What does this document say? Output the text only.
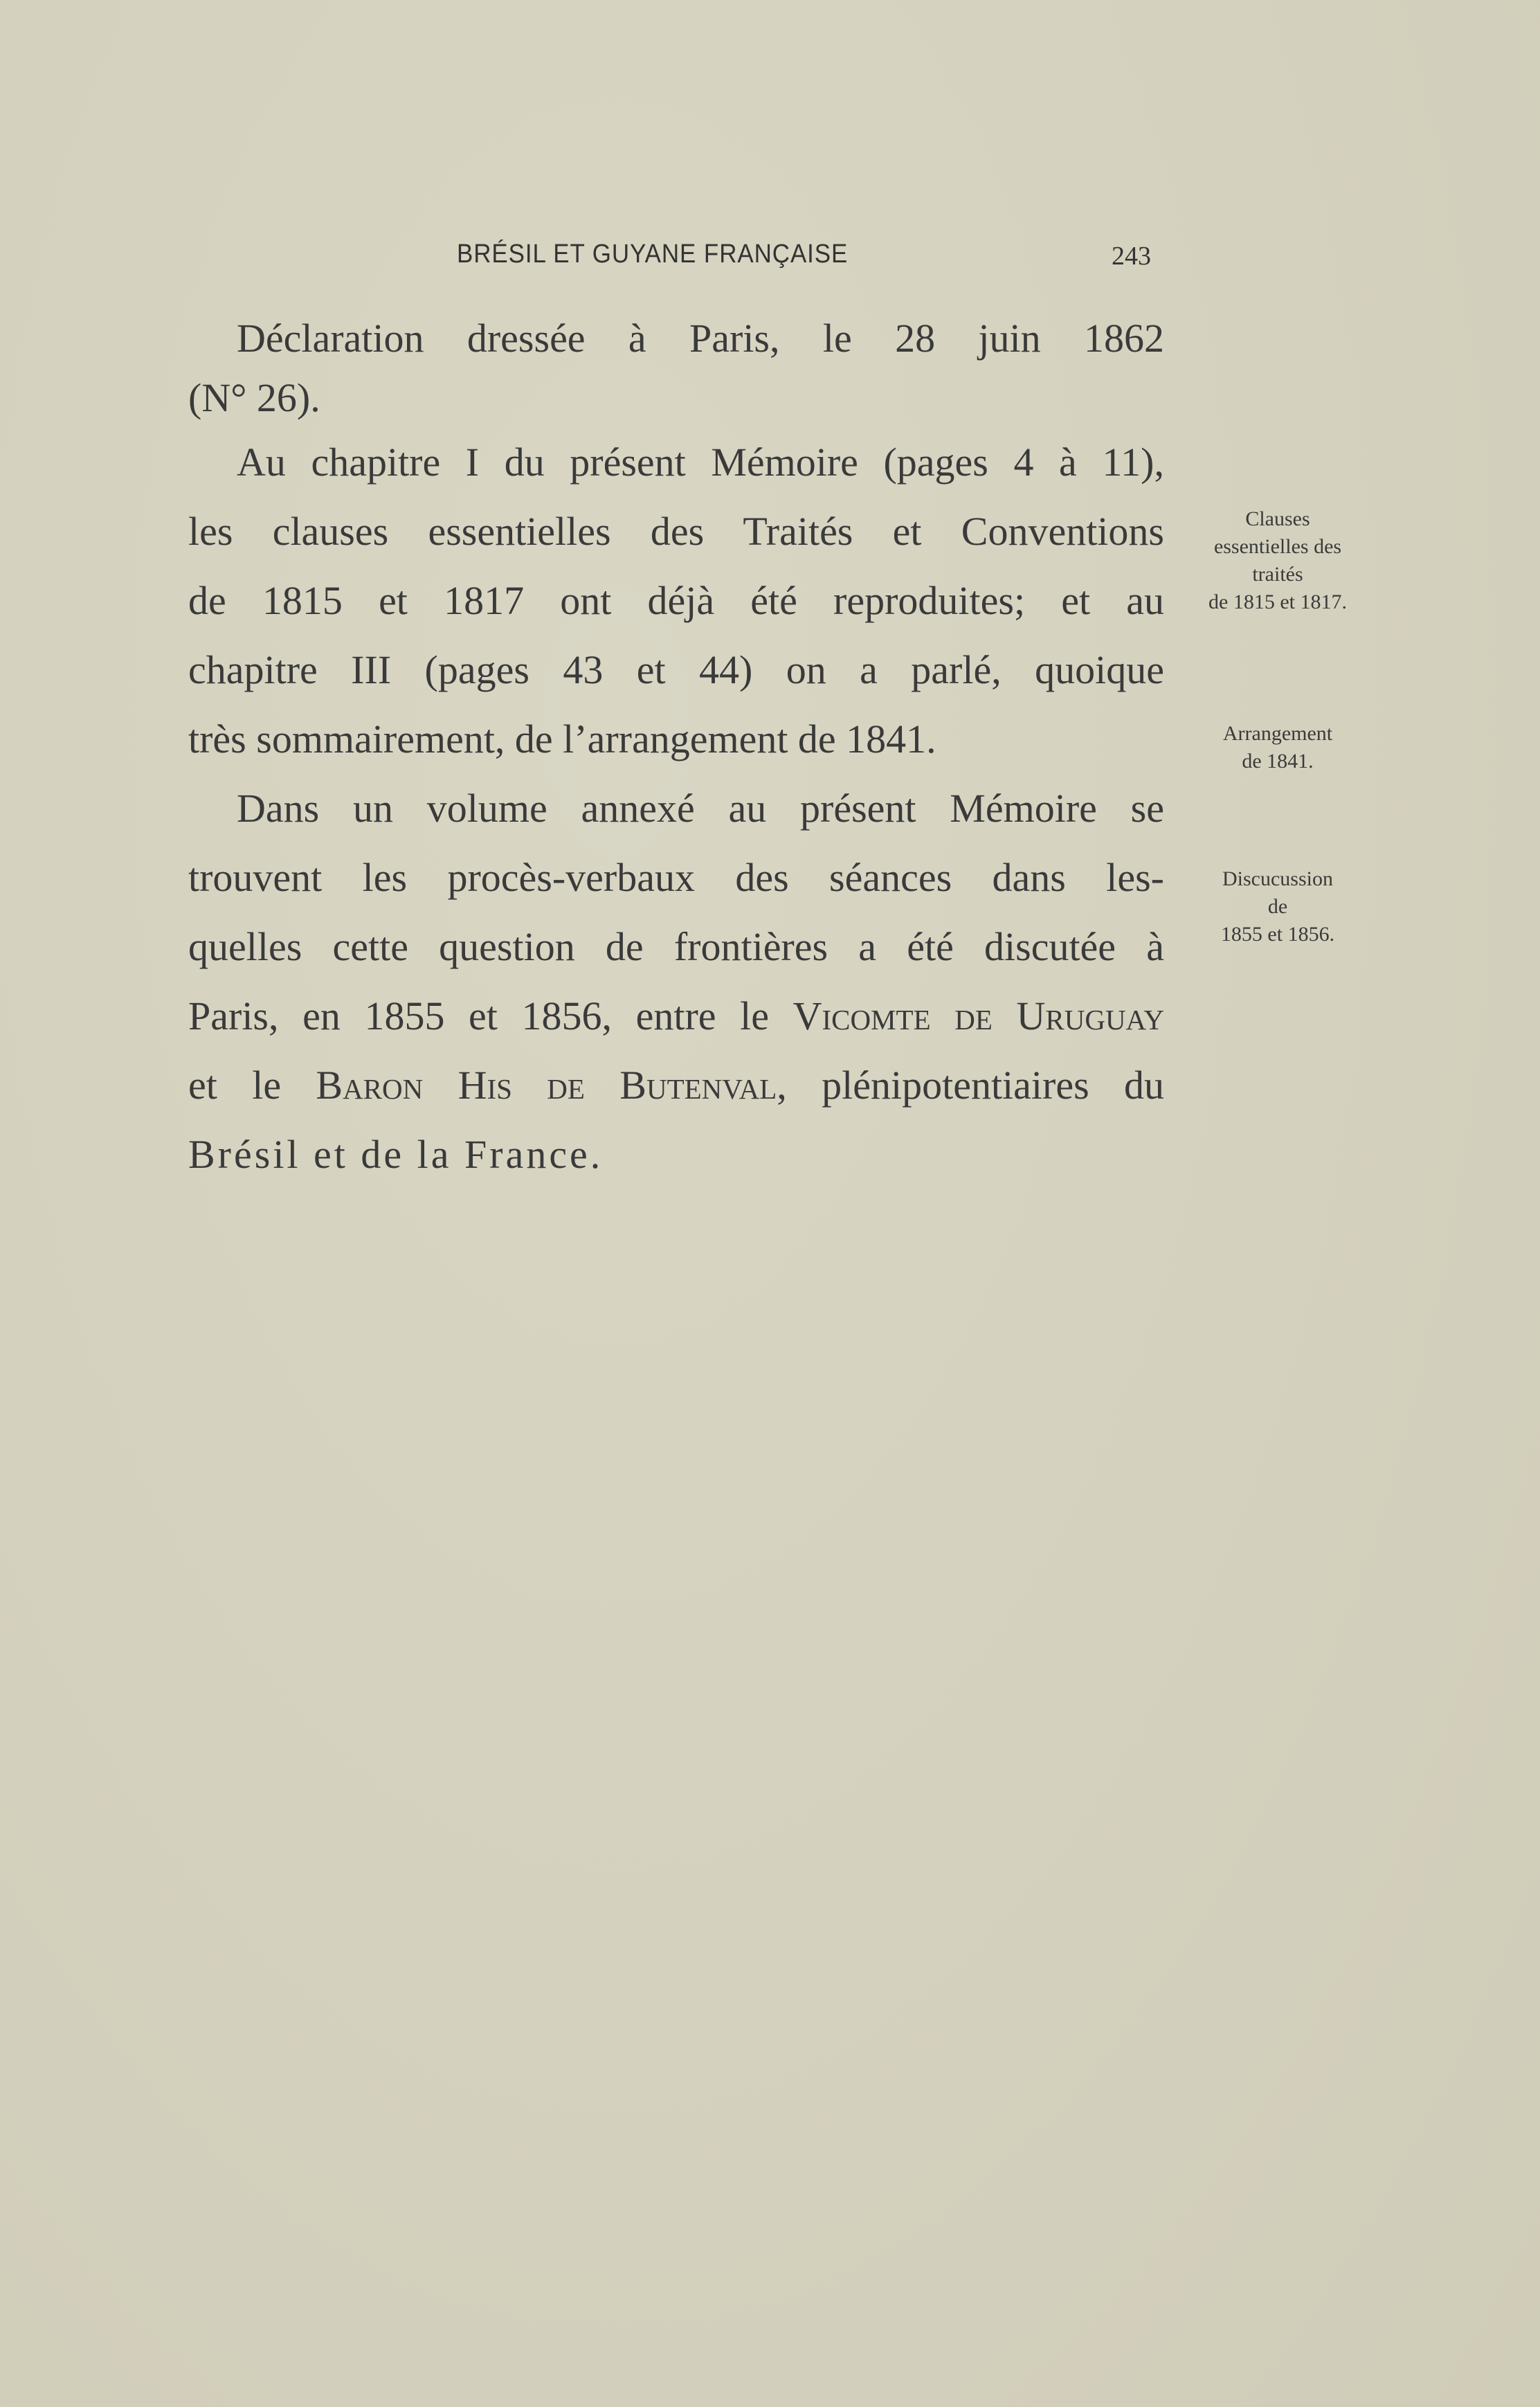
BRÉSIL ET GUYANE FRANÇAISE	243
Déclaration dressée à Paris, le 28 juin 1862
(N° 26).
Au chapitre I du présent Mémoire (pages 4 à 11),
les clauses essentielles des Traités et Conventions
de 1815 et 1817 ont déjà été reproduites; et au
chapitre III (pages 43 et 44) on a parlé, quoique
très sommairement, de l’arrangement de 1841.
Dans un volume annexé au présent Mémoire se
trouvent les procès-verbaux des séances dans les-
quelles cette question de frontières a été discutée à
Paris, en 1855 et 1856, entre le Vicomte de Uruguay
et le Baron His de Butenval, plénipotentiaires du
Brésil et de la France.
Clauses
essentielles des
traités
de 1815 et 1817.
Arrangement
de 1841.
Discucussion
de
1855 et 1856.
